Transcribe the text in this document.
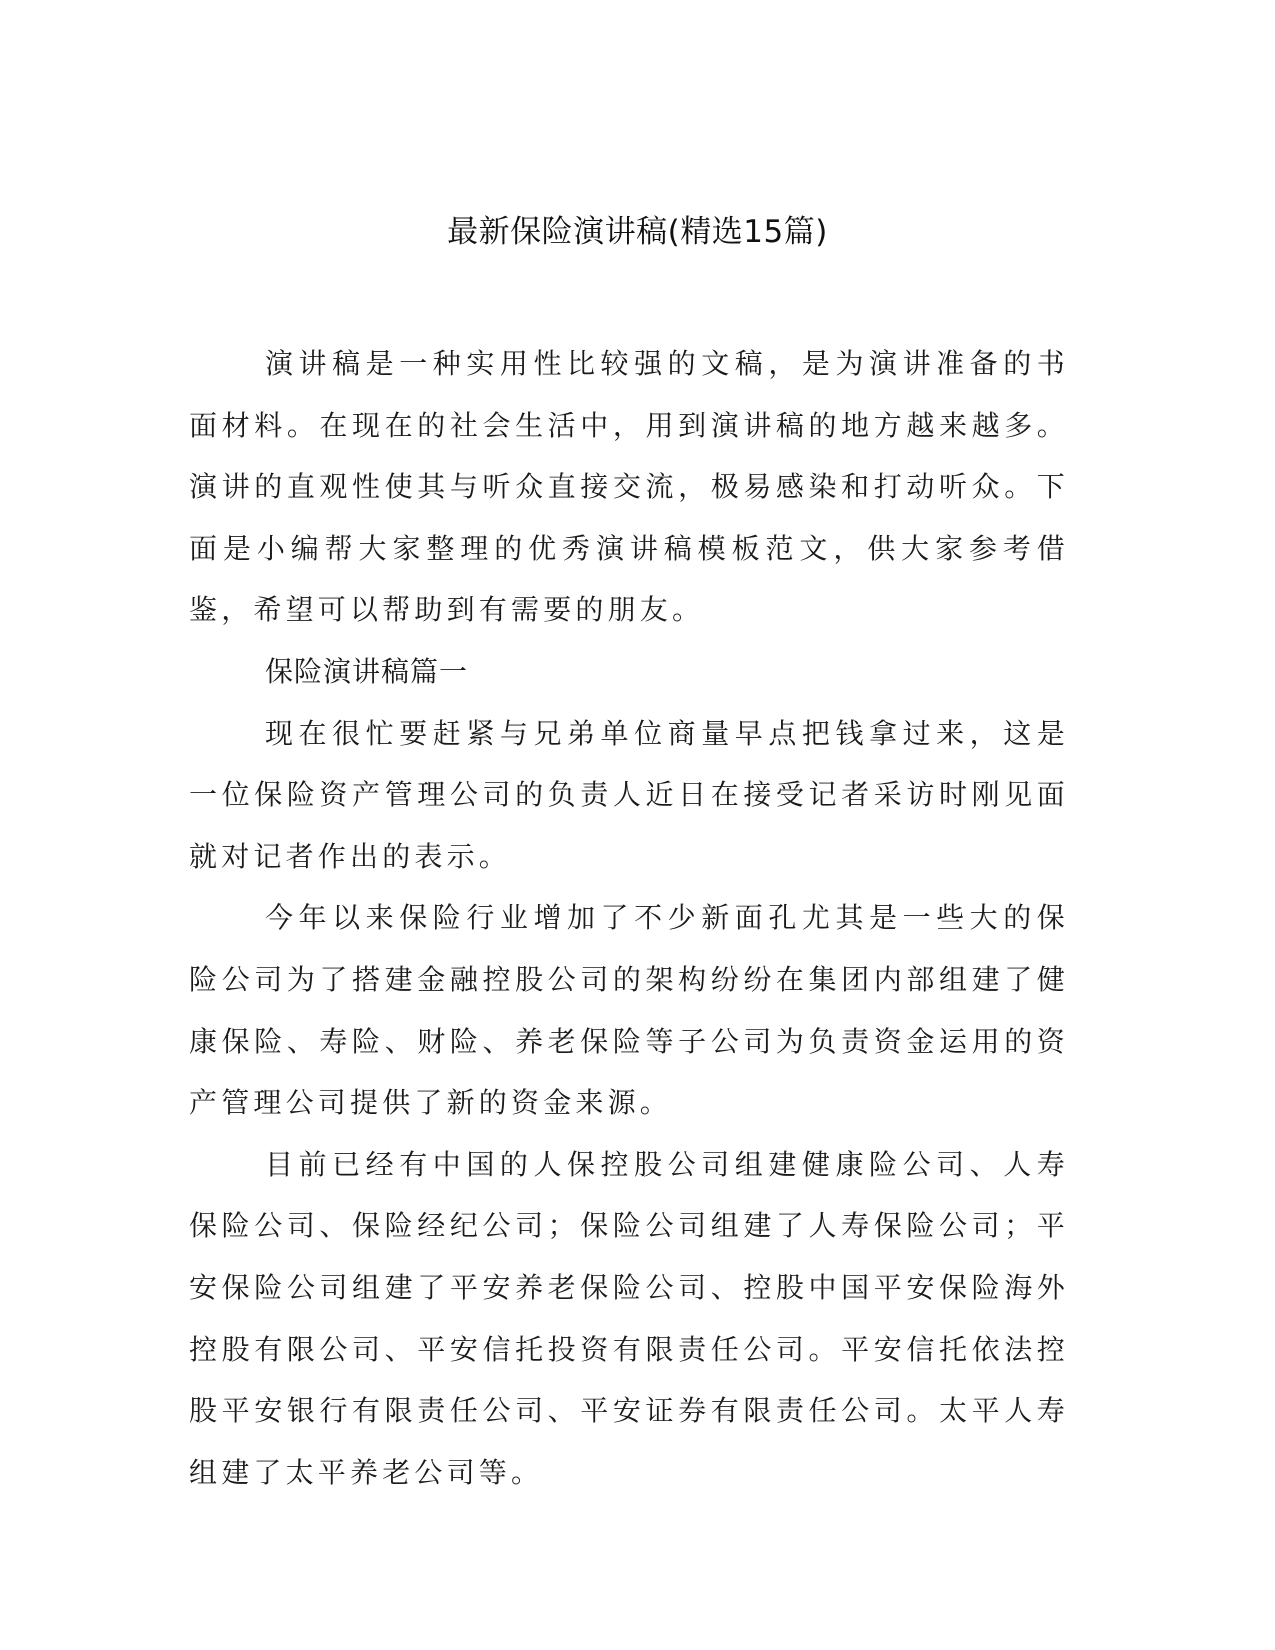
最新保险演讲稿(精选15篇)

演讲稿是一种实用性比较强的文稿，是为演讲准备的书面材料。在现在的社会生活中，用到演讲稿的地方越来越多。演讲的直观性使其与听众直接交流，极易感染和打动听众。下面是小编帮大家整理的优秀演讲稿模板范文，供大家参考借鉴，希望可以帮助到有需要的朋友。

保险演讲稿篇一

现在很忙要赶紧与兄弟单位商量早点把钱拿过来，这是一位保险资产管理公司的负责人近日在接受记者采访时刚见面就对记者作出的表示。

今年以来保险行业增加了不少新面孔尤其是一些大的保险公司为了搭建金融控股公司的架构纷纷在集团内部组建了健康保险、寿险、财险、养老保险等子公司为负责资金运用的资产管理公司提供了新的资金来源。

目前已经有中国的人保控股公司组建健康险公司、人寿保险公司、保险经纪公司；保险公司组建了人寿保险公司；平安保险公司组建了平安养老保险公司、控股中国平安保险海外控股有限公司、平安信托投资有限责任公司。平安信托依法控股平安银行有限责任公司、平安证券有限责任公司。太平人寿组建了太平养老公司等。
